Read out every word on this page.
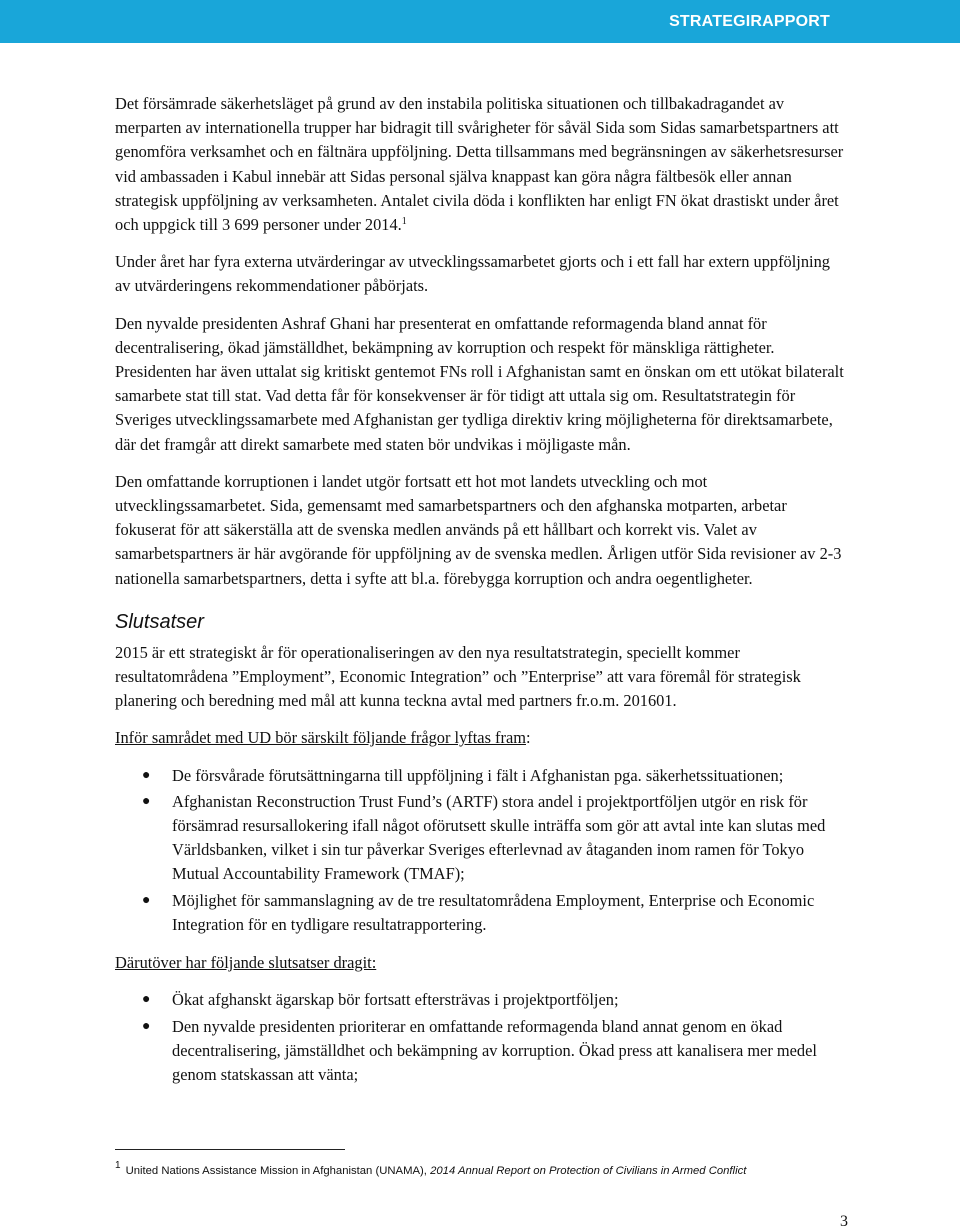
STRATEGIRAPPORT

Det försämrade säkerhetsläget på grund av den instabila politiska situationen och tillbakadragandet av merparten av internationella trupper har bidragit till svårigheter för såväl Sida som Sidas samarbetspartners att genomföra verksamhet och en fältnära uppföljning. Detta tillsammans med begränsningen av säkerhetsresurser vid ambassaden i Kabul innebär att Sidas personal själva knappast kan göra några fältbesök eller annan strategisk uppföljning av verksamheten. Antalet civila döda i konflikten har enligt FN ökat drastiskt under året och uppgick till 3 699 personer under 2014.$^1$

Under året har fyra externa utvärderingar av utvecklingssamarbetet gjorts och i ett fall har extern uppföljning av utvärderingens rekommendationer påbörjats.

Den nyvalde presidenten Ashraf Ghani har presenterat en omfattande reformagenda bland annat för decentralisering, ökad jämställdhet, bekämpning av korruption och respekt för mänskliga rättigheter. Presidenten har även uttalat sig kritiskt gentemot FNs roll i Afghanistan samt en önskan om ett utökat bilateralt samarbete stat till stat. Vad detta får för konsekvenser är för tidigt att uttala sig om. Resultatstrategin för Sveriges utvecklingssamarbete med Afghanistan ger tydliga direktiv kring möjligheterna för direktsamarbete, där det framgår att direkt samarbete med staten bör undvikas i möjligaste mån.

Den omfattande korruptionen i landet utgör fortsatt ett hot mot landets utveckling och mot utvecklingssamarbetet. Sida, gemensamt med samarbetspartners och den afghanska motparten, arbetar fokuserat för att säkerställa att de svenska medlen används på ett hållbart och korrekt vis. Valet av samarbetspartners är här avgörande för uppföljning av de svenska medlen. Årligen utför Sida revisioner av 2-3 nationella samarbetspartners, detta i syfte att bl.a. förebygga korruption och andra oegentligheter.

Slutsatser

2015 är ett strategiskt år för operationaliseringen av den nya resultatstrategin, speciellt kommer resultatområdena ”Employment”, Economic Integration” och ”Enterprise” att vara föremål för strategisk planering och beredning med mål att kunna teckna avtal med partners fr.o.m. 201601.

Inför samrådet med UD bör särskilt följande frågor lyftas fram:

● De försvårade förutsättningarna till uppföljning i fält i Afghanistan pga. säkerhetssituationen;
● Afghanistan Reconstruction Trust Fund’s (ARTF) stora andel i projektportföljen utgör en risk för försämrad resursallokering ifall något oförutsett skulle inträffa som gör att avtal inte kan slutas med Världsbanken, vilket i sin tur påverkar Sveriges efterlevnad av åtaganden inom ramen för Tokyo Mutual Accountability Framework (TMAF);
● Möjlighet för sammanslagning av de tre resultatområdena Employment, Enterprise och Economic Integration för en tydligare resultatrapportering.

Därutöver har följande slutsatser dragit:

● Ökat afghanskt ägarskap bör fortsatt eftersträvas i projektportföljen;
● Den nyvalde presidenten prioriterar en omfattande reformagenda bland annat genom en ökad decentralisering, jämställdhet och bekämpning av korruption. Ökad press att kanalisera mer medel genom statskassan att vänta;
1 United Nations Assistance Mission in Afghanistan (UNAMA), 2014 Annual Report on Protection of Civilians in Armed Conflict
3
